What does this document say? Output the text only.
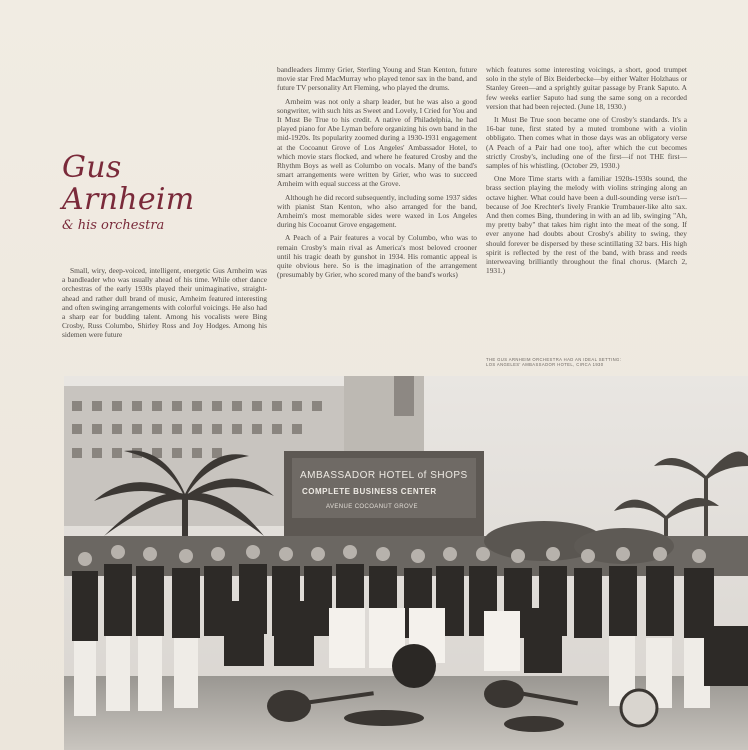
Gus
Arnheim
& his orchestra

Small, wiry, deep-voiced, intelligent, energetic Gus Arnheim was a bandleader who was usually ahead of his time. While other dance orchestras of the early 1930s played their unimaginative, straight-ahead and rather dull brand of music, Arnheim featured interesting and often swinging arrangements with colorful voicings. He also had a sharp ear for budding talent. Among his vocalists were Bing Crosby, Russ Columbo, Shirley Ross and Joy Hodges. Among his sidemen were future

bandleaders Jimmy Grier, Sterling Young and Stan Kenton, future movie star Fred MacMurray who played tenor sax in the band, and future TV personality Art Fleming, who played the drums.

Arnheim was not only a sharp leader, but he was also a good songwriter, with such hits as Sweet and Lovely, I Cried for You and It Must Be True to his credit. A native of Philadelphia, he had played piano for Abe Lyman before organizing his own band in the mid-1920s. Its popularity zoomed during a 1930-1931 engagement at the Cocoanut Grove of Los Angeles' Ambassador Hotel, to which movie stars flocked, and where he featured Crosby and the Rhythm Boys as well as Columbo on vocals. Many of the band's smart arrangements were written by Grier, who was to succeed Arnheim with equal success at the Grove.

Although he did record subsequently, including some 1937 sides with pianist Stan Kenton, who also arranged for the band, Arnheim's most memorable sides were waxed in Los Angeles during his Cocoanut Grove engagement.

A Peach of a Pair features a vocal by Columbo, who was to remain Crosby's main rival as America's most beloved crooner until his tragic death by gunshot in 1934. His romantic appeal is quite obvious here. So is the imagination of the arrangement (presumably by Grier, who scored many of the band's works)

which features some interesting voicings, a short, good trumpet solo in the style of Bix Beiderbecke—by either Walter Holzhaus or Stanley Green—and a sprightly guitar passage by Frank Saputo. A few weeks earlier Saputo had sung the same song on a recorded version that had been rejected. (June 18, 1930.)

It Must Be True soon became one of Crosby's standards. It's a 16-bar tune, first stated by a muted trombone with a violin obbligato. Then comes what in those days was an obligatory verse (A Peach of a Pair had one too), after which the cut becomes strictly Crosby's, including one of the first—if not THE first—samples of his whistling. (October 29, 1930.)

One More Time starts with a familiar 1920s-1930s sound, the brass section playing the melody with violins stringing along an octave higher. What could have been a dull-sounding verse isn't—because of Joe Krechter's lively Frankie Trumbauer-like alto sax. And then comes Bing, thundering in with an ad lib, swinging "Ah, my pretty baby" that takes him right into the meat of the song. If ever anyone had doubts about Crosby's ability to swing, they should forever be dispersed by these scintillating 32 bars. His high spirit is reflected by the rest of the band, with brass and reeds interweaving brilliantly throughout the final chorus. (March 2, 1931.)

THE GUS ARNHEIM ORCHESTRA HAD AN IDEAL SETTING:
LOS ANGELES' AMBASSADOR HOTEL, CIRCA 1930
AMBASSADOR HOTEL of SHOPS
COMPLETE BUSINESS CENTER
AVENUE COCOANUT GROVE
